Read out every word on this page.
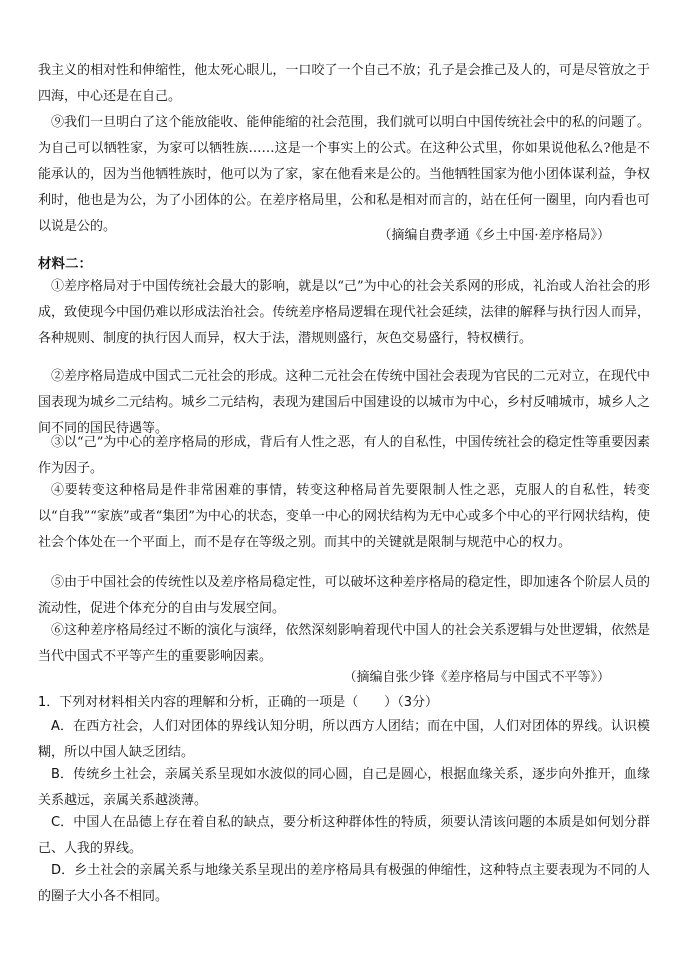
我主义的相对性和伸缩性，他太死心眼儿，一口咬了一个自己不放；孔子是会推己及人的，可是尽管放之于四海，中心还是在自己。

⑨我们一旦明白了这个能放能收、能伸能缩的社会范围，我们就可以明白中国传统社会中的私的问题了。为自己可以牺牲家，为家可以牺牲族……这是一个事实上的公式。在这种公式里，你如果说他私么?他是不能承认的，因为当他牺牲族时，他可以为了家，家在他看来是公的。当他牺牲国家为他小团体谋利益，争权利时，他也是为公，为了小团体的公。在差序格局里，公和私是相对而言的，站在任何一圈里，向内看也可以说是公的。

（摘编自费孝通《乡土中国·差序格局》）

材料二：

①差序格局对于中国传统社会最大的影响，就是以“己”为中心的社会关系网的形成，礼治或人治社会的形成，致使现今中国仍难以形成法治社会。传统差序格局逻辑在现代社会延续，法律的解释与执行因人而异，各种规则、制度的执行因人而异，权大于法，潜规则盛行，灰色交易盛行，特权横行。

②差序格局造成中国式二元社会的形成。这种二元社会在传统中国社会表现为官民的二元对立，在现代中国表现为城乡二元结构。城乡二元结构，表现为建国后中国建设的以城市为中心，乡村反哺城市，城乡人之间不同的国民待遇等。

③以“己”为中心的差序格局的形成，背后有人性之恶，有人的自私性，中国传统社会的稳定性等重要因素作为因子。

④要转变这种格局是件非常困难的事情，转变这种格局首先要限制人性之恶，克服人的自私性，转变以“自我”“家族”或者“集团”为中心的状态，变单一中心的网状结构为无中心或多个中心的平行网状结构，使社会个体处在一个平面上，而不是存在等级之别。而其中的关键就是限制与规范中心的权力。

⑤由于中国社会的传统性以及差序格局稳定性，可以破坏这种差序格局的稳定性，即加速各个阶层人员的流动性，促进个体充分的自由与发展空间。

⑥这种差序格局经过不断的演化与演绎，依然深刻影响着现代中国人的社会关系逻辑与处世逻辑，依然是当代中国式不平等产生的重要影响因素。

（摘编自张少锋《差序格局与中国式不平等》）

1．下列对材料相关内容的理解和分析，正确的一项是（　　）（3分）

A．在西方社会，人们对团体的界线认知分明，所以西方人团结；而在中国，人们对团体的界线。认识模糊，所以中国人缺乏团结。

B．传统乡土社会，亲属关系呈现如水波似的同心圆，自己是圆心，根据血缘关系，逐步向外推开，血缘关系越远，亲属关系越淡薄。

C．中国人在品德上存在着自私的缺点，要分析这种群体性的特质，须要认清该问题的本质是如何划分群己、人我的界线。

D．乡土社会的亲属关系与地缘关系呈现出的差序格局具有极强的伸缩性，这种特点主要表现为不同的人的圈子大小各不相同。
